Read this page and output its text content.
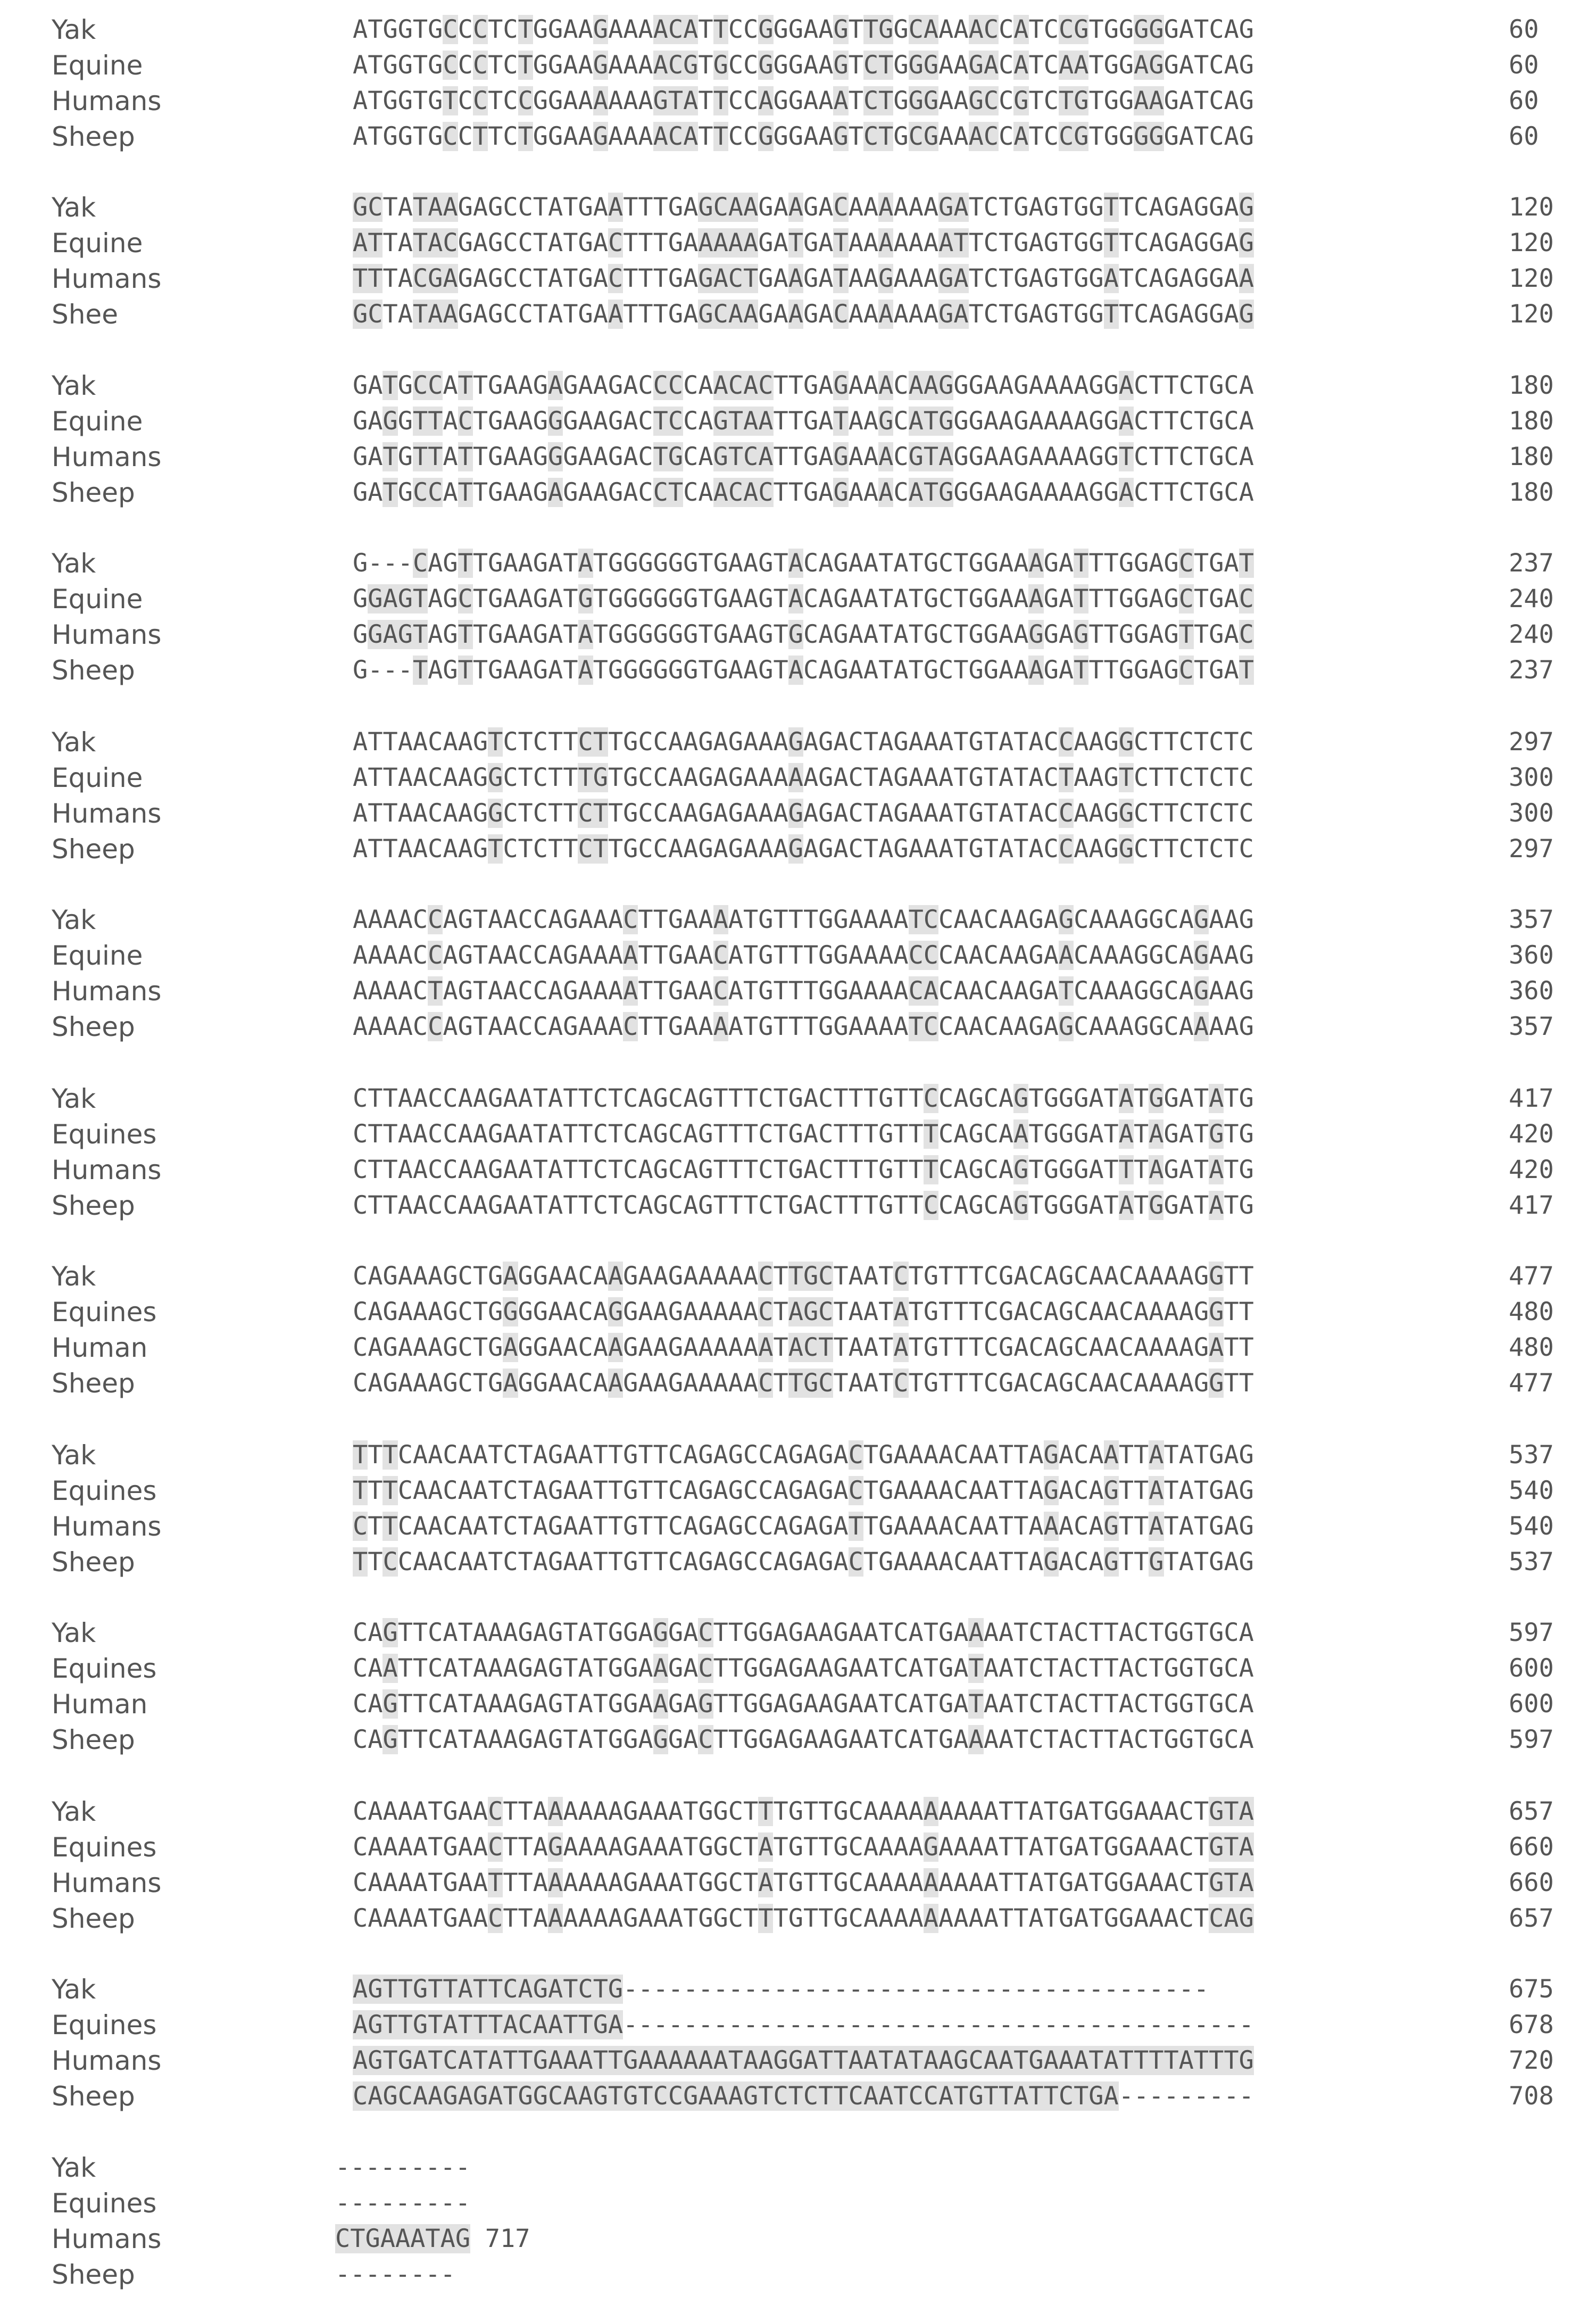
Yak	ATGGTGCCCTCTGGAAGAAAACATTCCGGGAAGTTGGCAAAACCATCCGTGGGGGATCAG	60
Equine	ATGGTGCCCTCTGGAAGAAAACGTGCCGGGAAGTCTGGGAAGACATCAATGGAGGATCAG	60
Humans	ATGGTGTCCTCCGGAAAAAAGTATTCCAGGAAATCTGGGAAGCCGTCTGTGGAAGATCAG	60
Sheep	ATGGTGCCTTCTGGAAGAAAACATTCCGGGAAGTCTGCGAAACCATCCGTGGGGGATCAG	60
Yak	GCTATAAGAGCCTATGAATTTGAGCAAGAAGACAAAAAAGATCTGAGTGGTTCAGAGGAG	120
Equine	ATTATACGAGCCTATGACTTTGAAAAAGATGATAAAAAAATTCTGAGTGGTTCAGAGGAG	120
Humans	TTTACGAGAGCCTATGACTTTGAGACTGAAGATAAGAAAGATCTGAGTGGATCAGAGGAA	120
Shee	GCTATAAGAGCCTATGAATTTGAGCAAGAAGACAAAAAAGATCTGAGTGGTTCAGAGGAG	120
Yak	GATGCCATTGAAGAGAAGACCCCAACACTTGAGAAACAAGGGAAGAAAAGGACTTCTGCA	180
Equine	GAGGTTACTGAAGGGAAGACTCCAGTAATTGATAAGCATGGGAAGAAAAGGACTTCTGCA	180
Humans	GATGTTATTGAAGGGAAGACTGCAGTCATTGAGAAACGTAGGAAGAAAAGGTCTTCTGCA	180
Sheep	GATGCCATTGAAGAGAAGACCTCAACACTTGAGAAACATGGGAAGAAAAGGACTTCTGCA	180
Yak	G---CAGTTGAAGATATGGGGGGTGAAGTACAGAATATGCTGGAAAGATTTGGAGCTGAT	237
Equine	GGAGTAGCTGAAGATGTGGGGGGTGAAGTACAGAATATGCTGGAAAGATTTGGAGCTGAC	240
Humans	GGAGTAGTTGAAGATATGGGGGGTGAAGTGCAGAATATGCTGGAAGGAGTTGGAGTTGAC	240
Sheep	G---TAGTTGAAGATATGGGGGGTGAAGTACAGAATATGCTGGAAAGATTTGGAGCTGAT	237
Yak	ATTAACAAGTCTCTTCTTGCCAAGAGAAAGAGACTAGAAATGTATACCAAGGCTTCTCTC	297
Equine	ATTAACAAGGCTCTTTGTGCCAAGAGAAAAAGACTAGAAATGTATACTAAGTCTTCTCTC	300
Humans	ATTAACAAGGCTCTTCTTGCCAAGAGAAAGAGACTAGAAATGTATACCAAGGCTTCTCTC	300
Sheep	ATTAACAAGTCTCTTCTTGCCAAGAGAAAGAGACTAGAAATGTATACCAAGGCTTCTCTC	297
Yak	AAAACCAGTAACCAGAAACTTGAAAATGTTTGGAAAATCCAACAAGAGCAAAGGCAGAAG	357
Equine	AAAACCAGTAACCAGAAAATTGAACATGTTTGGAAAACCCAACAAGAACAAAGGCAGAAG	360
Humans	AAAACTAGTAACCAGAAAATTGAACATGTTTGGAAAACACAACAAGATCAAAGGCAGAAG	360
Sheep	AAAACCAGTAACCAGAAACTTGAAAATGTTTGGAAAATCCAACAAGAGCAAAGGCAAAAG	357
Yak	CTTAACCAAGAATATTCTCAGCAGTTTCTGACTTTGTTCCAGCAGTGGGATATGGATATG	417
Equines	CTTAACCAAGAATATTCTCAGCAGTTTCTGACTTTGTTTCAGCAATGGGATATAGATGTG	420
Humans	CTTAACCAAGAATATTCTCAGCAGTTTCTGACTTTGTTTCAGCAGTGGGATTTAGATATG	420
Sheep	CTTAACCAAGAATATTCTCAGCAGTTTCTGACTTTGTTCCAGCAGTGGGATATGGATATG	417
Yak	CAGAAAGCTGAGGAACAAGAAGAAAAACTTGCTAATCTGTTTCGACAGCAACAAAAGGTT	477
Equines	CAGAAAGCTGGGGAACAGGAAGAAAAACTAGCTAATATGTTTCGACAGCAACAAAAGGTT	480
Human	CAGAAAGCTGAGGAACAAGAAGAAAAAATACTTAATATGTTTCGACAGCAACAAAAGATT	480
Sheep	CAGAAAGCTGAGGAACAAGAAGAAAAACTTGCTAATCTGTTTCGACAGCAACAAAAGGTT	477
Yak	TTTCAACAATCTAGAATTGTTCAGAGCCAGAGACTGAAAACAATTAGACAATTATATGAG	537
Equines	TTTCAACAATCTAGAATTGTTCAGAGCCAGAGACTGAAAACAATTAGACAGTTATATGAG	540
Humans	CTTCAACAATCTAGAATTGTTCAGAGCCAGAGATTGAAAACAATTAAACAGTTATATGAG	540
Sheep	TTCCAACAATCTAGAATTGTTCAGAGCCAGAGACTGAAAACAATTAGACAGTTGTATGAG	537
Yak	CAGTTCATAAAGAGTATGGAGGACTTGGAGAAGAATCATGAAAATCTACTTACTGGTGCA	597
Equines	CAATTCATAAAGAGTATGGAAGACTTGGAGAAGAATCATGATAATCTACTTACTGGTGCA	600
Human	CAGTTCATAAAGAGTATGGAAGAGTTGGAGAAGAATCATGATAATCTACTTACTGGTGCA	600
Sheep	CAGTTCATAAAGAGTATGGAGGACTTGGAGAAGAATCATGAAAATCTACTTACTGGTGCA	597
Yak	CAAAATGAACTTAAAAAAGAAATGGCTTTGTTGCAAAAAAAAATTATGATGGAAACTGTA	657
Equines	CAAAATGAACTTAGAAAAGAAATGGCTATGTTGCAAAAGAAAATTATGATGGAAACTGTA	660
Humans	CAAAATGAATTTAAAAAAGAAATGGCTATGTTGCAAAAAAAAATTATGATGGAAACTGTA	660
Sheep	CAAAATGAACTTAAAAAAGAAATGGCTTTGTTGCAAAAAAAAATTATGATGGAAACTCAG	657
Yak	AGTTGTTATTCAGATCTG---------------------------------------	675
Equines	AGTTGTATTTACAATTGA------------------------------------------	678
Humans	AGTGATCATATTGAAATTGAAAAAATAAGGATTAATATAAGCAATGAAATATTTTATTTG	720
Sheep	CAGCAAGAGATGGCAAGTGTCCGAAAGTCTCTTCAATCCATGTTATTCTGA---------	708
Yak	---------
Equines	---------
Humans	CTGAAATAG 717
Sheep	--------
